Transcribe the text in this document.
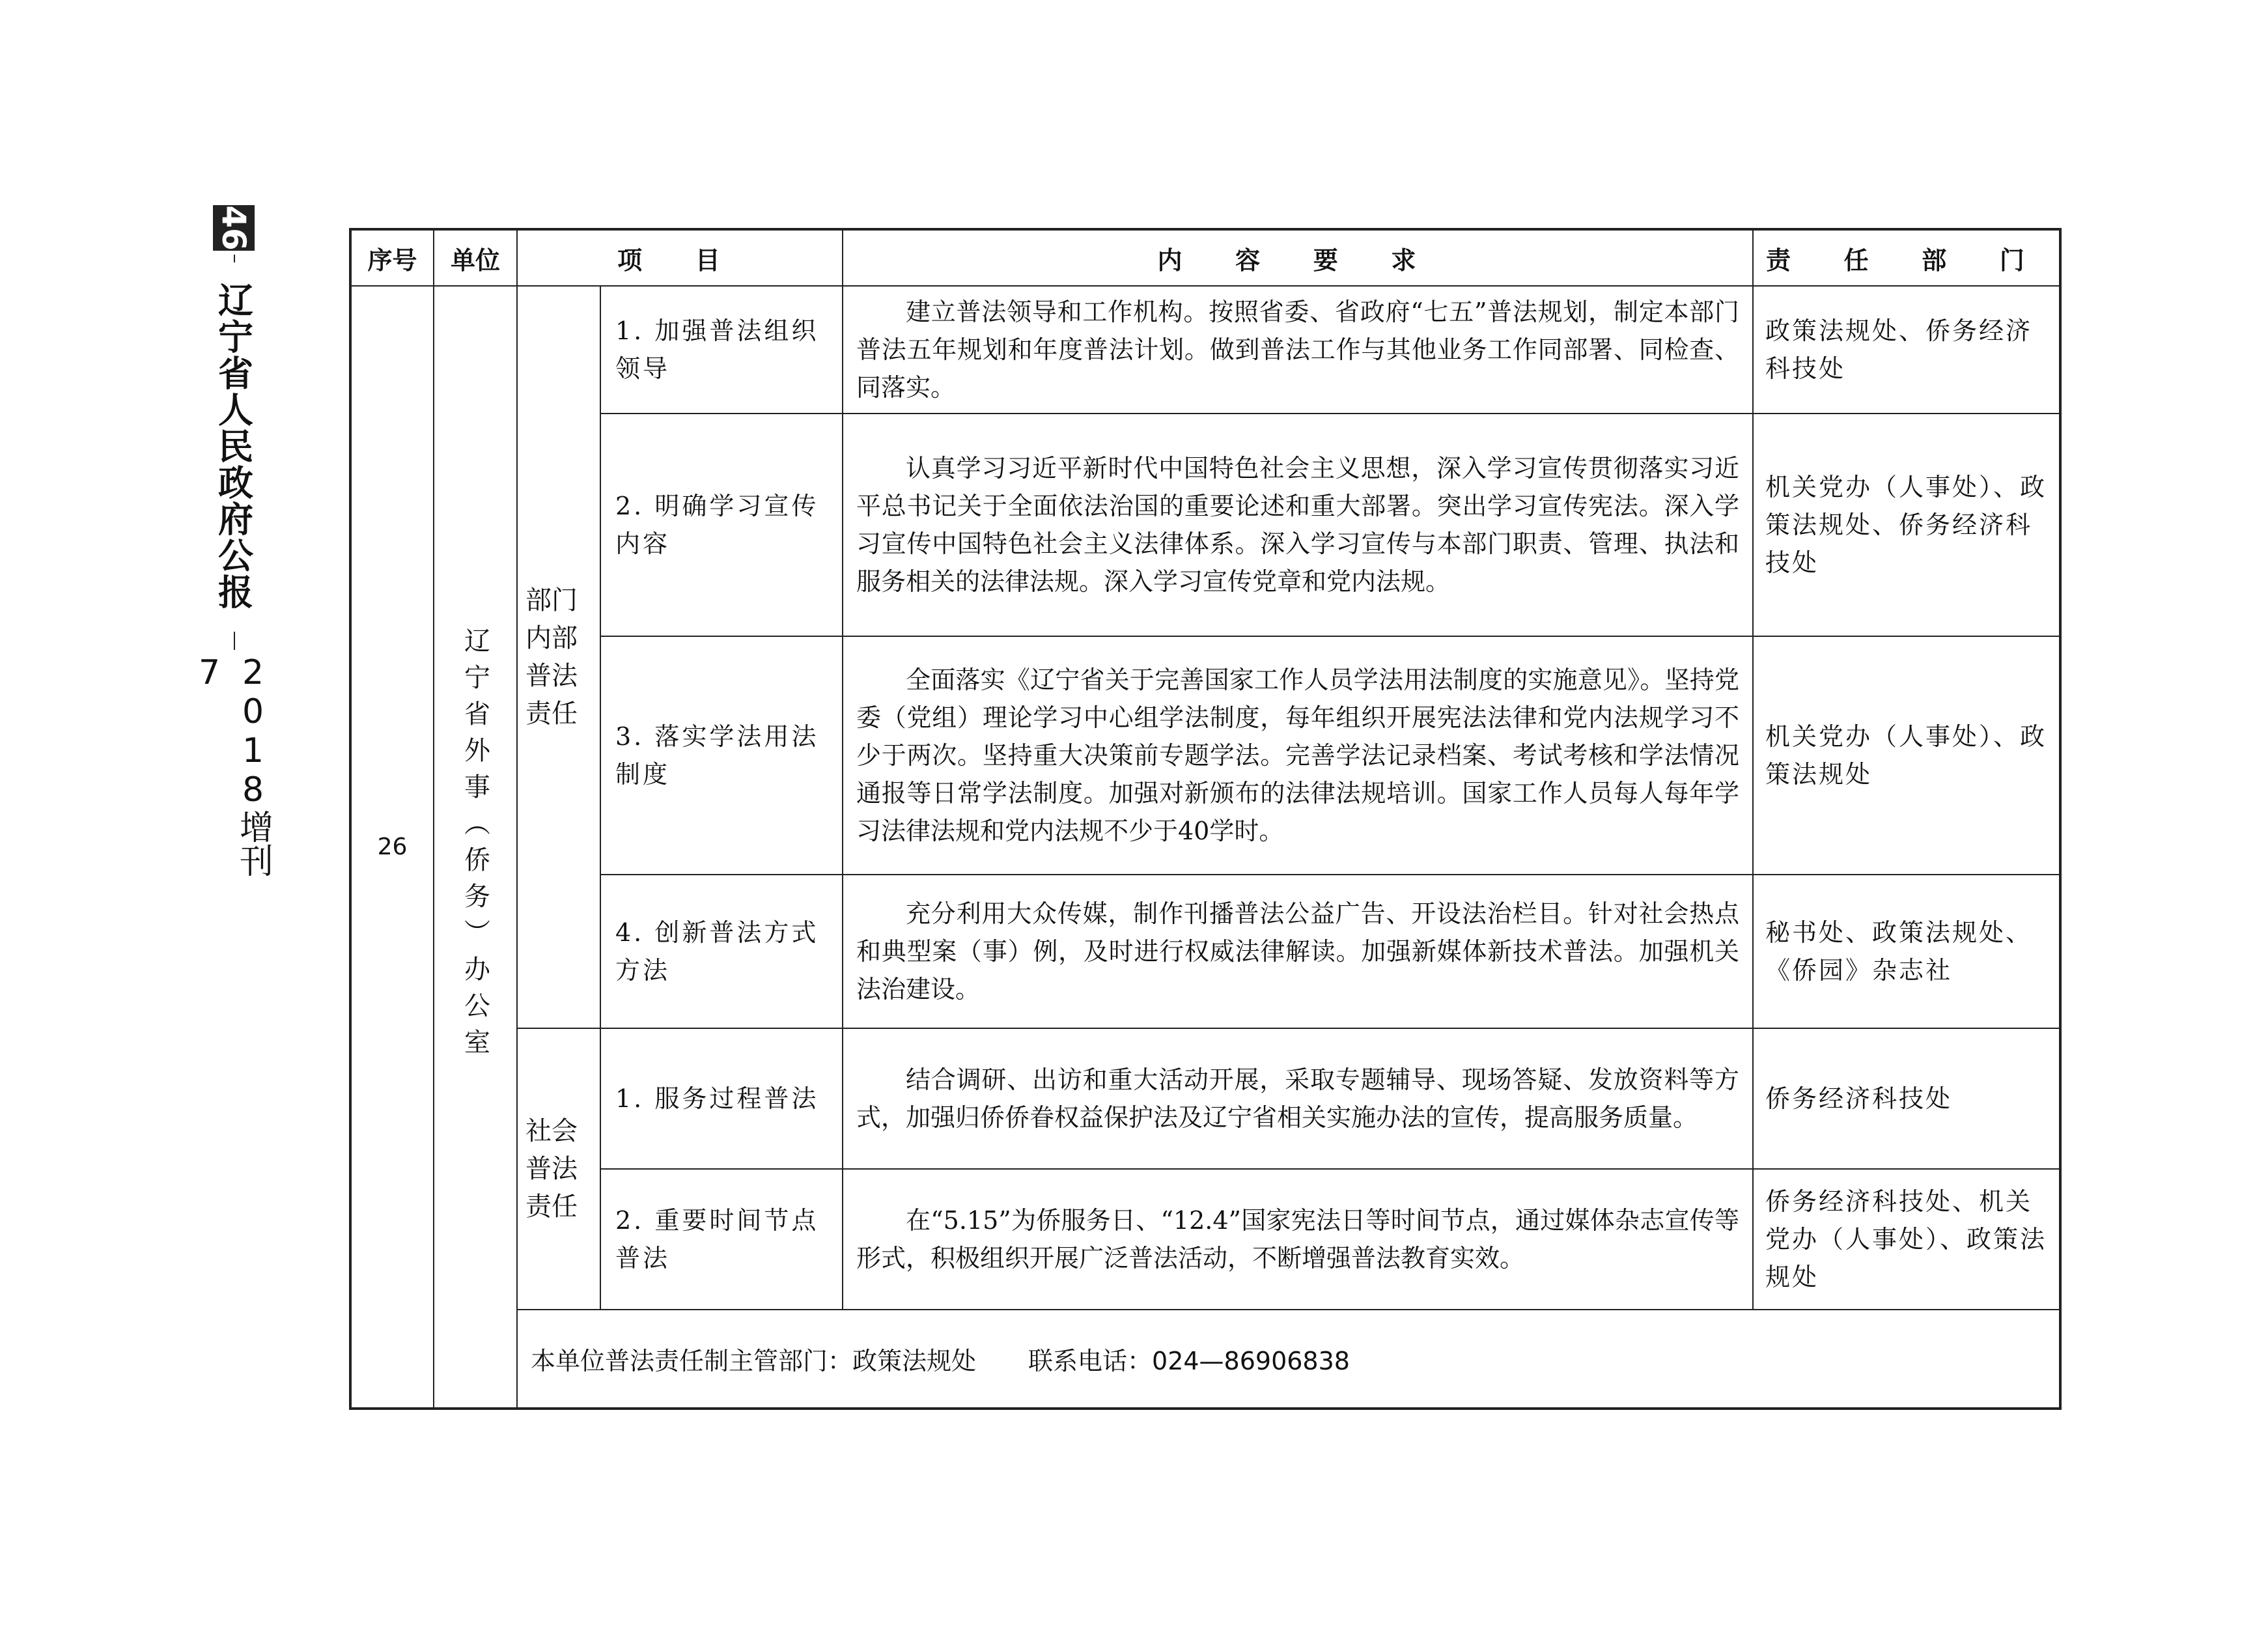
46
辽宁省人民政府公报
2018增刊7
序号	单位	项 目		内 容 要 求	责 任 部 门
26	辽宁省外事（侨务）办公室	部门内部普法责任	1. 加强普法组织领导	建立普法领导和工作机构。按照省委、省政府“七五”普法规划，制定本部门普法五年规划和年度普法计划。做到普法工作与其他业务工作同部署、同检查、同落实。	政策法规处、侨务经济科技处
			2. 明确学习宣传内容	认真学习习近平新时代中国特色社会主义思想，深入学习宣传贯彻落实习近平总书记关于全面依法治国的重要论述和重大部署。突出学习宣传宪法。深入学习宣传中国特色社会主义法律体系。深入学习宣传与本部门职责、管理、执法和服务相关的法律法规。深入学习宣传党章和党内法规。	机关党办（人事处）、政策法规处、侨务经济科技处
			3. 落实学法用法制度	全面落实《辽宁省关于完善国家工作人员学法用法制度的实施意见》。坚持党委（党组）理论学习中心组学法制度，每年组织开展宪法法律和党内法规学习不少于两次。坚持重大决策前专题学法。完善学法记录档案、考试考核和学法情况通报等日常学法制度。加强对新颁布的法律法规培训。国家工作人员每人每年学习法律法规和党内法规不少于40学时。	机关党办（人事处）、政策法规处
			4. 创新普法方式方法	充分利用大众传媒，制作刊播普法公益广告、开设法治栏目。针对社会热点和典型案（事）例，及时进行权威法律解读。加强新媒体新技术普法。加强机关法治建设。	秘书处、政策法规处、《侨园》杂志社
		社会普法责任	1. 服务过程普法	结合调研、出访和重大活动开展，采取专题辅导、现场答疑、发放资料等方式，加强归侨侨眷权益保护法及辽宁省相关实施办法的宣传，提高服务质量。	侨务经济科技处
			2. 重要时间节点普法	在“5.15”为侨服务日、“12.4”国家宪法日等时间节点，通过媒体杂志宣传等形式，积极组织开展广泛普法活动，不断增强普法教育实效。	侨务经济科技处、机关党办（人事处）、政策法规处
		本单位普法责任制主管部门：政策法规处 联系电话：024—86906838			
